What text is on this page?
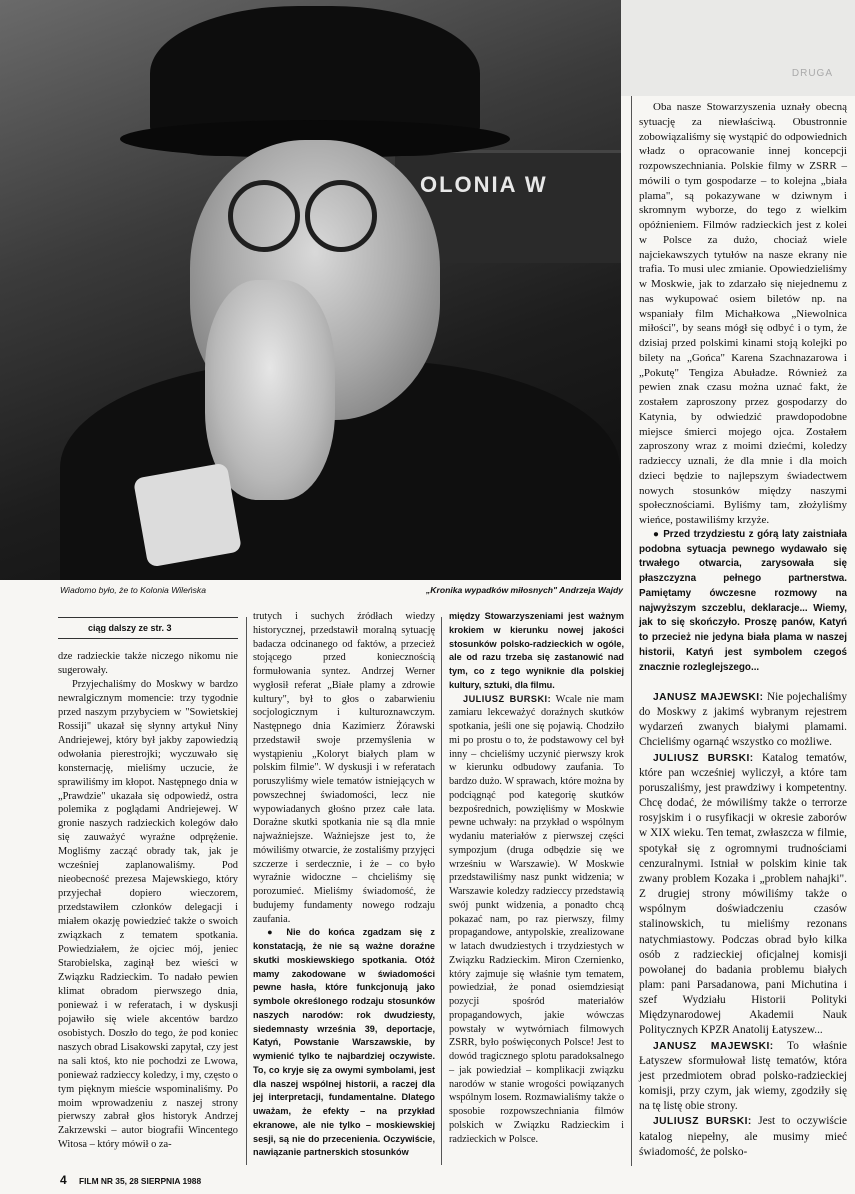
OLONIA W
DRUGA
Wiadomo było, że to Kolonia Wileńska	„Kronika wypadków miłosnych" Andrzeja Wajdy
ciąg dalszy ze str. 3

Oba nasze Stowarzyszenia uznały obecną sytuację za niewłaściwą. Obustronnie zobowiązaliśmy się wystąpić do odpowiednich władz o opracowanie innej koncepcji rozpowszechniania. Polskie filmy w ZSRR – mówili o tym gospodarze – to kolejna „biała plama", są pokazywane w dziwnym i skromnym wyborze, do tego z wielkim opóźnieniem. Filmów radzieckich jest z kolei w Polsce za dużo, chociaż wiele najciekawszych tytułów na nasze ekrany nie trafia. To musi ulec zmianie. Opowiedzieliśmy w Moskwie, jak to zdarzało się niejednemu z nas wykupować osiem biletów np. na wspaniały film Michałkowa „Niewolnica miłości", by seans mógł się odbyć i o tym, że dzisiaj przed polskimi kinami stoją kolejki po bilety na „Gońca" Karena Szachnazarowa i „Pokutę" Tengiza Abuładze. Również za pewien znak czasu można uznać fakt, że zostałem zaproszony przez gospodarzy do Katynia, by odwiedzić prawdopodobne miejsce śmierci mojego ojca. Zostałem zaproszony wraz z moimi dziećmi, koledzy radzieccy uznali, że dla mnie i dla moich dzieci będzie to najlepszym świadectwem nowych stosunków między naszymi społecznościami. Byliśmy tam, złożyliśmy wieńce, postawiliśmy krzyże.

● Przed trzydziestu z górą laty zaistniała podobna sytuacja pewnego wydawało się trwałego otwarcia, zarysowała się płaszczyzna pełnego partnerstwa. Pamiętamy ówczesne rozmowy na najwyższym szczeblu, deklaracje... Wiemy, jak to się skończyło. Proszę panów, Katyń to przecież nie jedyna biała plama w naszej historii, Katyń jest symbolem czegoś znacznie rozleglejszego...

dze radzieckie także niczego nikomu nie sugerowały.

Przyjechaliśmy do Moskwy w bardzo newralgicznym momencie: trzy tygodnie przed naszym przybyciem w "Sowietskiej Rossiji" ukazał się słynny artykuł Niny Andriejewej, który był jakby zapowiedzią odwołania pierestrojki; wyczuwało się konsternację, mieliśmy uczucie, że sprawiliśmy im kłopot. Następnego dnia w „Prawdzie" ukazała się odpowiedź, ostra polemika z poglądami Andriejewej. W gronie naszych radzieckich kolegów dało się zauważyć wyraźne odprężenie. Mogliśmy zacząć obrady tak, jak je wcześniej zaplanowaliśmy. Pod nieobecność prezesa Majewskiego, który przyjechał dopiero wieczorem, przedstawiłem członków delegacji i miałem okazję powiedzieć także o swoich związkach z tematem spotkania. Powiedziałem, że ojciec mój, jeniec Starobielska, zaginął bez wieści w Związku Radzieckim. To nadało pewien klimat obradom pierwszego dnia, ponieważ i w referatach, i w dyskusji pojawiło się wiele akcentów bardzo osobistych. Doszło do tego, że pod koniec naszych obrad Lisakowski zapytał, czy jest na sali ktoś, kto nie pochodzi ze Lwowa, ponieważ radzieccy koledzy, i my, często o tym pięknym mieście wspominaliśmy. Po moim wprowadzeniu z naszej strony pierwszy zabrał głos historyk Andrzej Zakrzewski – autor biografii Wincentego Witosa – który mówił o za-

trutych i suchych źródłach wiedzy historycznej, przedstawił moralną sytuację badacza odcinanego od faktów, a przecież stojącego przed koniecznością formułowania syntez. Andrzej Werner wygłosił referat „Białe plamy a zdrowie kultury", był to głos o zabarwieniu socjologicznym i kulturoznawczym. Następnego dnia Kazimierz Żórawski przedstawił swoje przemyślenia w wystąpieniu „Koloryt białych plam w polskim filmie". W dyskusji i w referatach poruszyliśmy wiele tematów istniejących w powszechnej świadomości, lecz nie wypowiadanych głośno przez całe lata. Dorażne skutki spotkania nie są dla mnie najważniejsze. Ważniejsze jest to, że mówiliśmy otwarcie, że zostaliśmy przyjęci szczerze i serdecznie, i że – co było wyraźnie widoczne – chcieliśmy się porozumieć. Mieliśmy świadomość, że budujemy fundamenty nowego rodzaju zaufania.

● Nie do końca zgadzam się z konstatacją, że nie są ważne doraźne skutki moskiewskiego spotkania. Otóż mamy zakodowane w świadomości pewne hasła, które funkcjonują jako symbole określonego rodzaju stosunków naszych narodów: rok dwudziesty, siedemnasty września 39, deportacje, Katyń, Powstanie Warszawskie, by wymienić tylko te najbardziej oczywiste. To, co kryje się za owymi symbolami, jest dla naszej wspólnej historii, a raczej dla jej interpretacji, fundamentalne. Dlatego uważam, że efekty – na przykład ekranowe, ale nie tylko – moskiewskiej sesji, są nie do przecenienia. Oczywiście, nawiązanie partnerskich stosunków

między Stowarzyszeniami jest ważnym krokiem w kierunku nowej jakości stosunków polsko-radzieckich w ogóle, ale od razu trzeba się zastanowić nad tym, co z tego wyniknie dla polskiej kultury, sztuki, dla filmu.

JULIUSZ BURSKI: Wcale nie mam zamiaru lekceważyć doraźnych skutków spotkania, jeśli one się pojawią. Chodziło mi po prostu o to, że podstawowy cel był inny – chcieliśmy uczynić pierwszy krok w kierunku odbudowy zaufania. To bardzo dużo. W sprawach, które można by podciągnąć pod kategorię skutków bezpośrednich, powzięliśmy w Moskwie pewne uchwały: na przykład o wspólnym wydaniu materiałów z pierwszej części sympozjum (druga odbędzie się we wrześniu w Warszawie). W Moskwie przedstawiliśmy nasz punkt widzenia; w Warszawie koledzy radzieccy przedstawią swój punkt widzenia, a ponadto chcą pokazać nam, po raz pierwszy, filmy propagandowe, antypolskie, zrealizowane w latach dwudziestych i trzydziestych w Związku Radzieckim. Miron Czernienko, który zajmuje się właśnie tym tematem, powiedział, że ponad osiemdziesiąt pozycji spośród materiałów propagandowych, jakie wówczas powstały w wytwórniach filmowych ZSRR, było poświęconych Polsce! Jest to dowód tragicznego splotu paradoksalnego – jak powiedział – komplikacji związku narodów w stanie wrogości powiązanych wspólnym losem. Rozmawialiśmy także o sposobie rozpowszechniania filmów polskich w Związku Radzieckim i radzieckich w Polsce.

JANUSZ MAJEWSKI: Nie pojechaliśmy do Moskwy z jakimś wybranym rejestrem wydarzeń zwanych białymi plamami. Chcieliśmy ogarnąć wszystko co możliwe.

JULIUSZ BURSKI: Katalog tematów, które pan wcześniej wyliczył, a które tam poruszaliśmy, jest prawdziwy i kompetentny. Chcę dodać, że mówiliśmy także o terrorze rosyjskim i o rusyfikacji w okresie zaborów w XIX wieku. Ten temat, zwłaszcza w filmie, spotykał się z ogromnymi trudnościami cenzuralnymi. Istniał w polskim kinie tak zwany problem Kozaka i „problem nahajki". Z drugiej strony mówiliśmy także o wspólnym doświadczeniu czasów stalinowskich, tu mieliśmy rezonans natychmiastowy. Podczas obrad było kilka osób z radzieckiej oficjalnej komisji powołanej do badania problemu białych plam: pani Parsadanowa, pani Michutina i szef Wydziału Historii Polityki Międzynarodowej Akademii Nauk Politycznych KPZR Anatolij Łatyszew...

JANUSZ MAJEWSKI: To właśnie Łatyszew sformułował listę tematów, która jest przedmiotem obrad polsko-radzieckiej komisji, przy czym, jak wiemy, zgodziły się na tę listę obie strony.

JULIUSZ BURSKI: Jest to oczywiście katalog niepełny, ale musimy mieć świadomość, że polsko-

4 FILM NR 35, 28 SIERPNIA 1988
